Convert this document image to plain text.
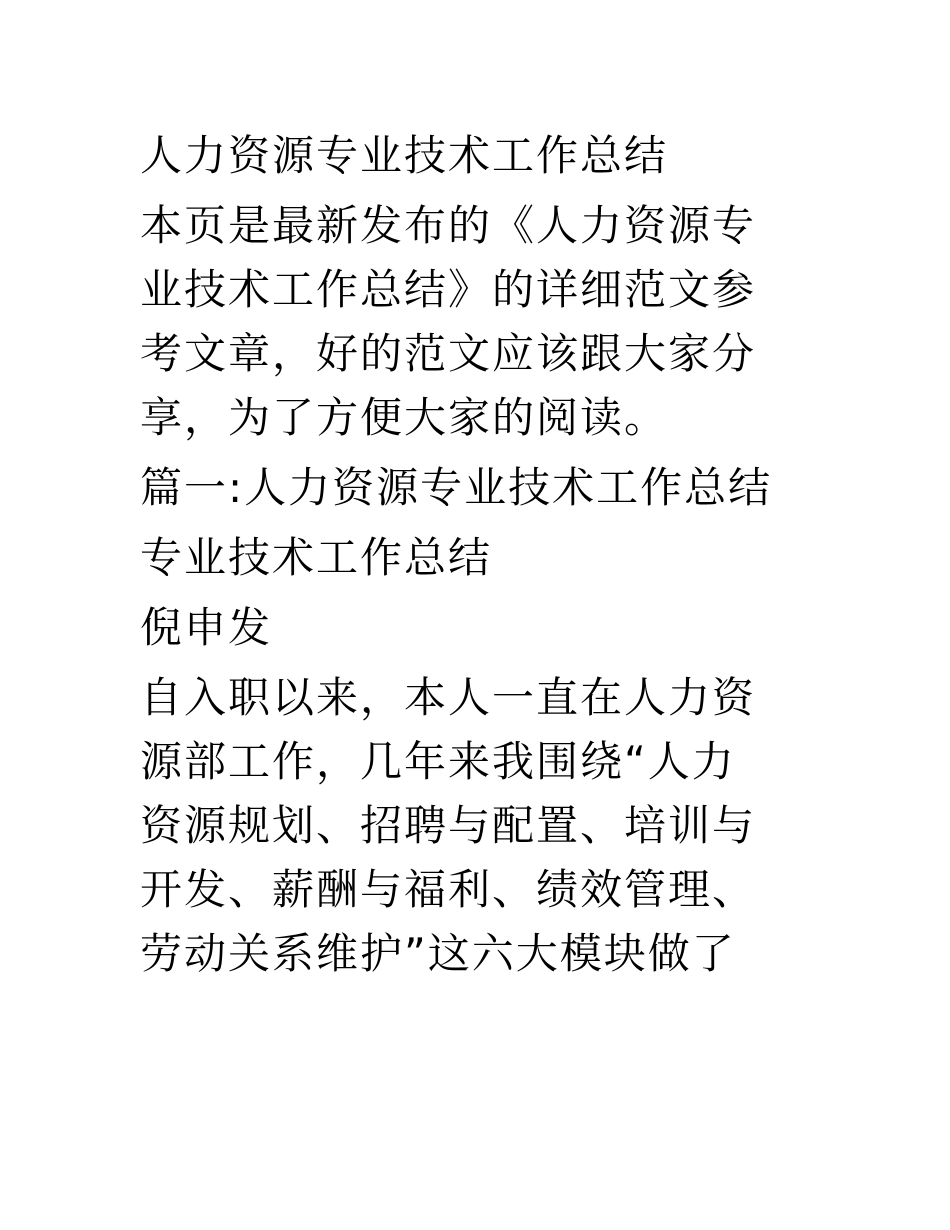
人力资源专业技术工作总结

本页是最新发布的《人力资源专

业技术工作总结》的详细范文参

考文章，好的范文应该跟大家分

享，为了方便大家的阅读。

篇一:人力资源专业技术工作总结

专业技术工作总结

倪申发

自入职以来，本人一直在人力资

源部工作，几年来我围绕“人力

资源规划、招聘与配置、培训与

开发、薪酬与福利、绩效管理、

劳动关系维护”这六大模块做了
